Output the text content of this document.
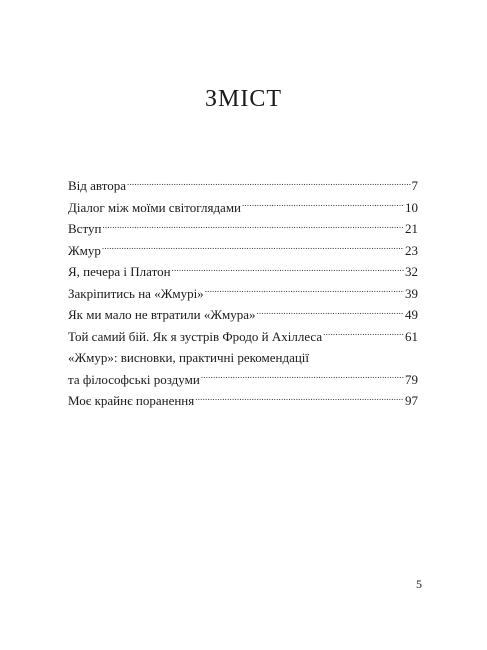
ЗМІСТ
Від автора .....	7
Діалог між моїми світоглядами .....	10
Вступ .....	21
Жмур .....	23
Я, печера і Платон .....	32
Закріпитись на «Жмурі» .....	39
Як ми мало не втратили «Жмура» .....	49
Той самий бій. Як я зустрів Фродо й Ахіллеса .....	61
«Жмур»: висновки, практичні рекомендації
та філософські роздуми .....	79
Моє крайнє поранення .....	97
5
